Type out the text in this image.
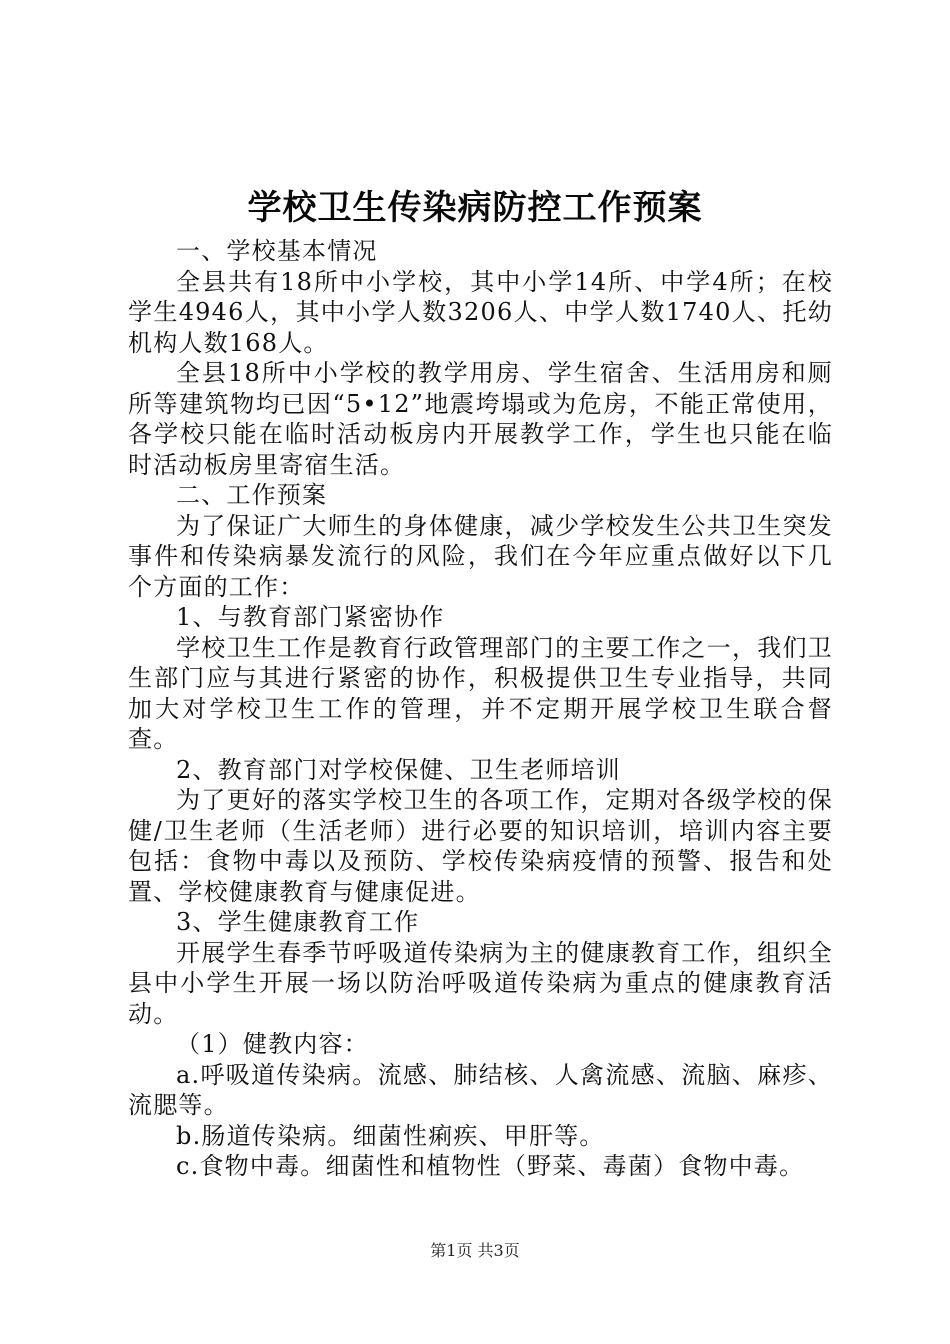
学校卫生传染病防控工作预案

一、学校基本情况

全县共有18所中小学校，其中小学14所、中学4所；在校学生4946人，其中小学人数3206人、中学人数1740人、托幼机构人数168人。

全县18所中小学校的教学用房、学生宿舍、生活用房和厕所等建筑物均已因“5•12”地震垮塌或为危房，不能正常使用，各学校只能在临时活动板房内开展教学工作，学生也只能在临时活动板房里寄宿生活。

二、工作预案

为了保证广大师生的身体健康，减少学校发生公共卫生突发事件和传染病暴发流行的风险，我们在今年应重点做好以下几个方面的工作：

1、与教育部门紧密协作

学校卫生工作是教育行政管理部门的主要工作之一，我们卫生部门应与其进行紧密的协作，积极提供卫生专业指导，共同加大对学校卫生工作的管理，并不定期开展学校卫生联合督查。

2、教育部门对学校保健、卫生老师培训

为了更好的落实学校卫生的各项工作，定期对各级学校的保健/卫生老师（生活老师）进行必要的知识培训，培训内容主要包括：食物中毒以及预防、学校传染病疫情的预警、报告和处置、学校健康教育与健康促进。

3、学生健康教育工作

开展学生春季节呼吸道传染病为主的健康教育工作，组织全县中小学生开展一场以防治呼吸道传染病为重点的健康教育活动。

（1）健教内容：

a.呼吸道传染病。流感、肺结核、人禽流感、流脑、麻疹、流腮等。

b.肠道传染病。细菌性痢疾、甲肝等。

c.食物中毒。细菌性和植物性（野菜、毒菌）食物中毒。

第1页 共3页
